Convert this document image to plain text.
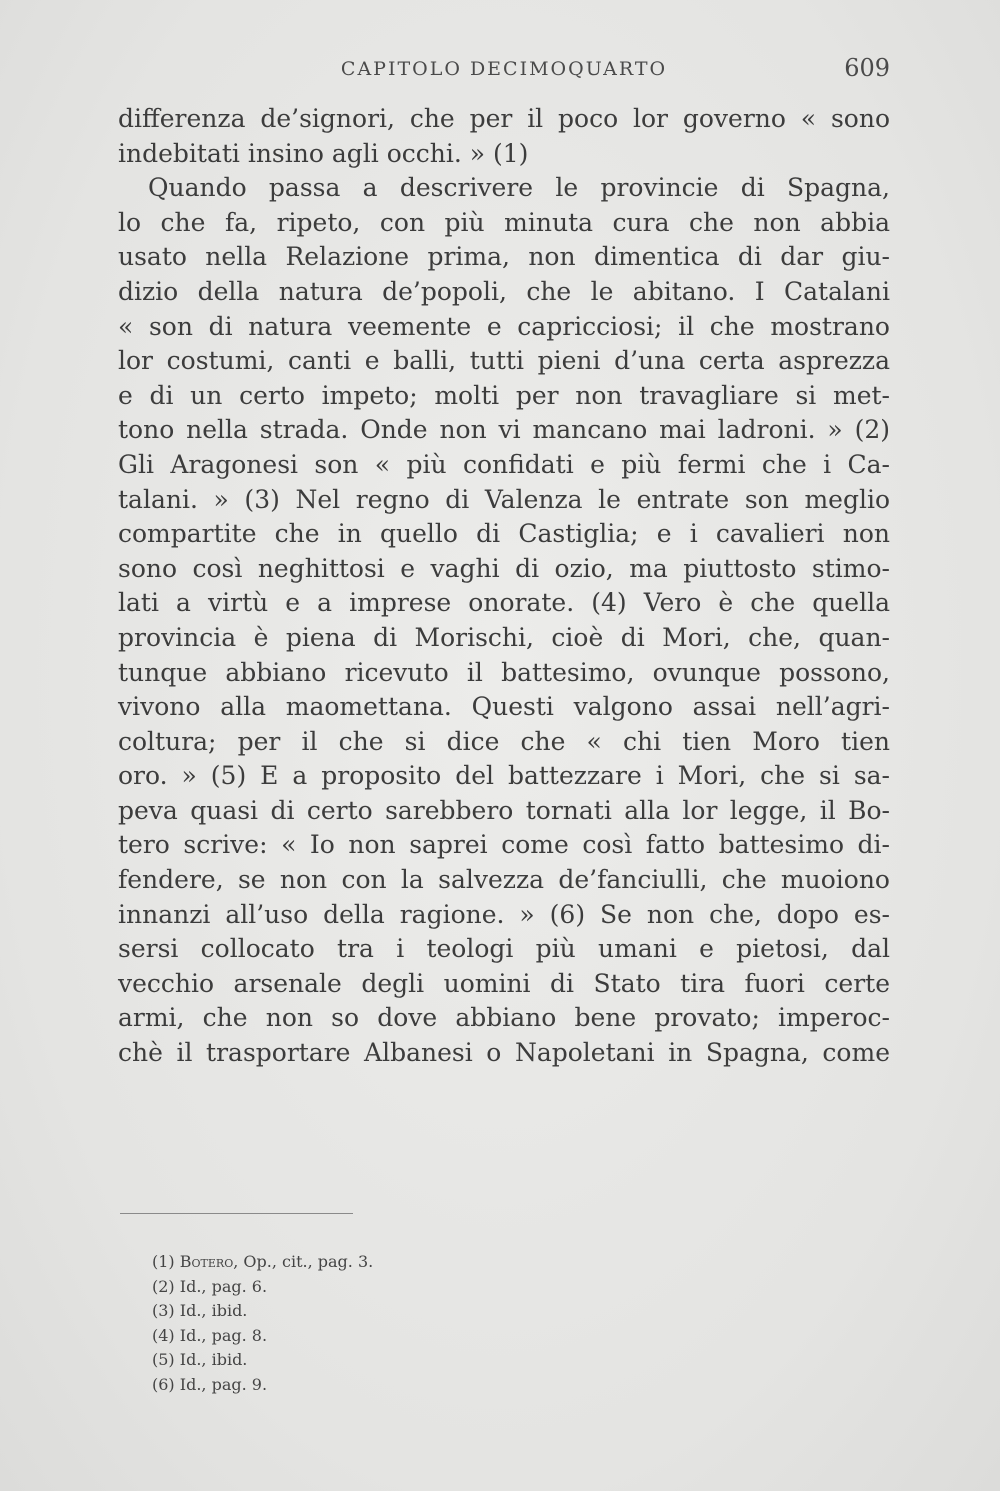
CAPITOLO DECIMOQUARTO	609
differenza de’signori, che per il poco lor governo « sono
indebitati insino agli occhi. » (1)
Quando passa a descrivere le provincie di Spagna,
lo che fa, ripeto, con più minuta cura che non abbia
usato nella Relazione prima, non dimentica di dar giu-
dizio della natura de’popoli, che le abitano. I Catalani
« son di natura veemente e capricciosi; il che mostrano
lor costumi, canti e balli, tutti pieni d’una certa asprezza
e di un certo impeto; molti per non travagliare si met-
tono nella strada. Onde non vi mancano mai ladroni. » (2)
Gli Aragonesi son « più confidati e più fermi che i Ca-
talani. » (3) Nel regno di Valenza le entrate son meglio
compartite che in quello di Castiglia; e i cavalieri non
sono così neghittosi e vaghi di ozio, ma piuttosto stimo-
lati a virtù e a imprese onorate. (4) Vero è che quella
provincia è piena di Morischi, cioè di Mori, che, quan-
tunque abbiano ricevuto il battesimo, ovunque possono,
vivono alla maomettana. Questi valgono assai nell’agri-
coltura; per il che si dice che « chi tien Moro tien
oro. » (5) E a proposito del battezzare i Mori, che si sa-
peva quasi di certo sarebbero tornati alla lor legge, il Bo-
tero scrive: « Io non saprei come così fatto battesimo di-
fendere, se non con la salvezza de’fanciulli, che muoiono
innanzi all’uso della ragione. » (6) Se non che, dopo es-
sersi collocato tra i teologi più umani e pietosi, dal
vecchio arsenale degli uomini di Stato tira fuori certe
armi, che non so dove abbiano bene provato; imperoc-
chè il trasportare Albanesi o Napoletani in Spagna, come
(1) Botero, Op., cit., pag. 3.
(2) Id., pag. 6.
(3) Id., ibid.
(4) Id., pag. 8.
(5) Id., ibid.
(6) Id., pag. 9.
